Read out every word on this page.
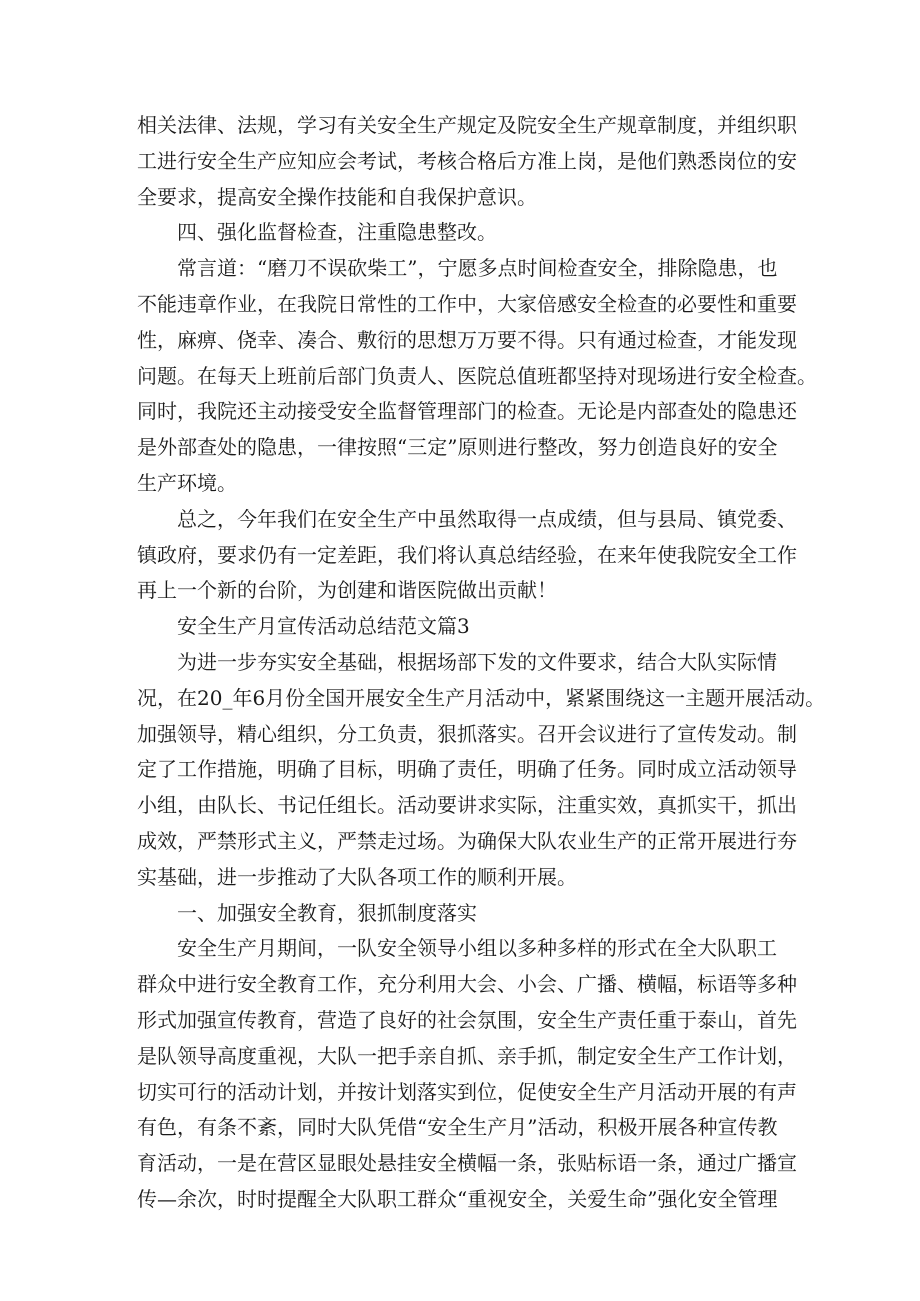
相关法律、法规，学习有关安全生产规定及院安全生产规章制度，并组织职
工进行安全生产应知应会考试，考核合格后方准上岗，是他们熟悉岗位的安
全要求，提高安全操作技能和自我保护意识。
四、强化监督检查，注重隐患整改。
常言道：“磨刀不误砍柴工”，宁愿多点时间检查安全，排除隐患，也
不能违章作业，在我院日常性的工作中，大家倍感安全检查的必要性和重要
性，麻痹、侥幸、凑合、敷衍的思想万万要不得。只有通过检查，才能发现
问题。在每天上班前后部门负责人、医院总值班都坚持对现场进行安全检查。
同时，我院还主动接受安全监督管理部门的检查。无论是内部查处的隐患还
是外部查处的隐患，一律按照“三定”原则进行整改，努力创造良好的安全
生产环境。
总之，今年我们在安全生产中虽然取得一点成绩，但与县局、镇党委、
镇政府，要求仍有一定差距，我们将认真总结经验，在来年使我院安全工作
再上一个新的台阶，为创建和谐医院做出贡献！
安全生产月宣传活动总结范文篇3
为进一步夯实安全基础，根据场部下发的文件要求，结合大队实际情
况，在20_年6月份全国开展安全生产月活动中，紧紧围绕这一主题开展活动。
加强领导，精心组织，分工负责，狠抓落实。召开会议进行了宣传发动。制
定了工作措施，明确了目标，明确了责任，明确了任务。同时成立活动领导
小组，由队长、书记任组长。活动要讲求实际，注重实效，真抓实干，抓出
成效，严禁形式主义，严禁走过场。为确保大队农业生产的正常开展进行夯
实基础，进一步推动了大队各项工作的顺利开展。
一、加强安全教育，狠抓制度落实
安全生产月期间，一队安全领导小组以多种多样的形式在全大队职工
群众中进行安全教育工作，充分利用大会、小会、广播、横幅，标语等多种
形式加强宣传教育，营造了良好的社会氛围，安全生产责任重于泰山，首先
是队领导高度重视，大队一把手亲自抓、亲手抓，制定安全生产工作计划，
切实可行的活动计划，并按计划落实到位，促使安全生产月活动开展的有声
有色，有条不紊，同时大队凭借“安全生产月”活动，积极开展各种宣传教
育活动，一是在营区显眼处悬挂安全横幅一条，张贴标语一条，通过广播宣
传—余次，时时提醒全大队职工群众“重视安全，关爱生命”强化安全管理
